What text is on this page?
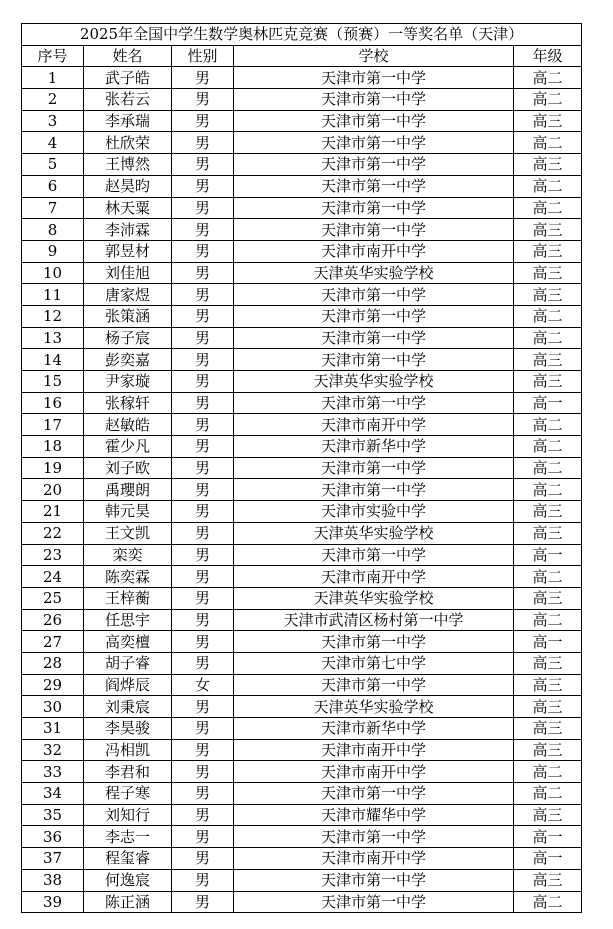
2025年全国中学生数学奥林匹克竞赛（预赛）一等奖名单（天津）				
序号	姓名	性别	学校	年级
1	武子皓	男	天津市第一中学	高二
2	张若云	男	天津市第一中学	高二
3	李承瑞	男	天津市第一中学	高三
4	杜欣荣	男	天津市第一中学	高二
5	王博然	男	天津市第一中学	高三
6	赵昊昀	男	天津市第一中学	高二
7	林天粟	男	天津市第一中学	高二
8	李沛霖	男	天津市第一中学	高三
9	郭昱材	男	天津市南开中学	高三
10	刘佳旭	男	天津英华实验学校	高三
11	唐家煜	男	天津市第一中学	高三
12	张策涵	男	天津市第一中学	高二
13	杨子宸	男	天津市第一中学	高二
14	彭奕嘉	男	天津市第一中学	高三
15	尹家璇	男	天津英华实验学校	高三
16	张稼轩	男	天津市第一中学	高一
17	赵敏皓	男	天津市南开中学	高二
18	霍少凡	男	天津市新华中学	高二
19	刘子欧	男	天津市第一中学	高二
20	禹瓔朗	男	天津市第一中学	高二
21	韩元昊	男	天津市实验中学	高三
22	王文凯	男	天津英华实验学校	高三
23	栾奕	男	天津市第一中学	高一
24	陈奕霖	男	天津市南开中学	高二
25	王梓蘅	男	天津英华实验学校	高三
26	任思宇	男	天津市武清区杨村第一中学	高二
27	高奕檀	男	天津市第一中学	高一
28	胡子睿	男	天津市第七中学	高三
29	阎烨辰	女	天津市第一中学	高三
30	刘秉宸	男	天津英华实验学校	高三
31	李昊骏	男	天津市新华中学	高三
32	冯相凯	男	天津市南开中学	高三
33	李君和	男	天津市南开中学	高二
34	程子寒	男	天津市第一中学	高二
35	刘知行	男	天津市耀华中学	高三
36	李志一	男	天津市第一中学	高一
37	程玺睿	男	天津市南开中学	高一
38	何逸宸	男	天津市第一中学	高三
39	陈正涵	男	天津市第一中学	高二
